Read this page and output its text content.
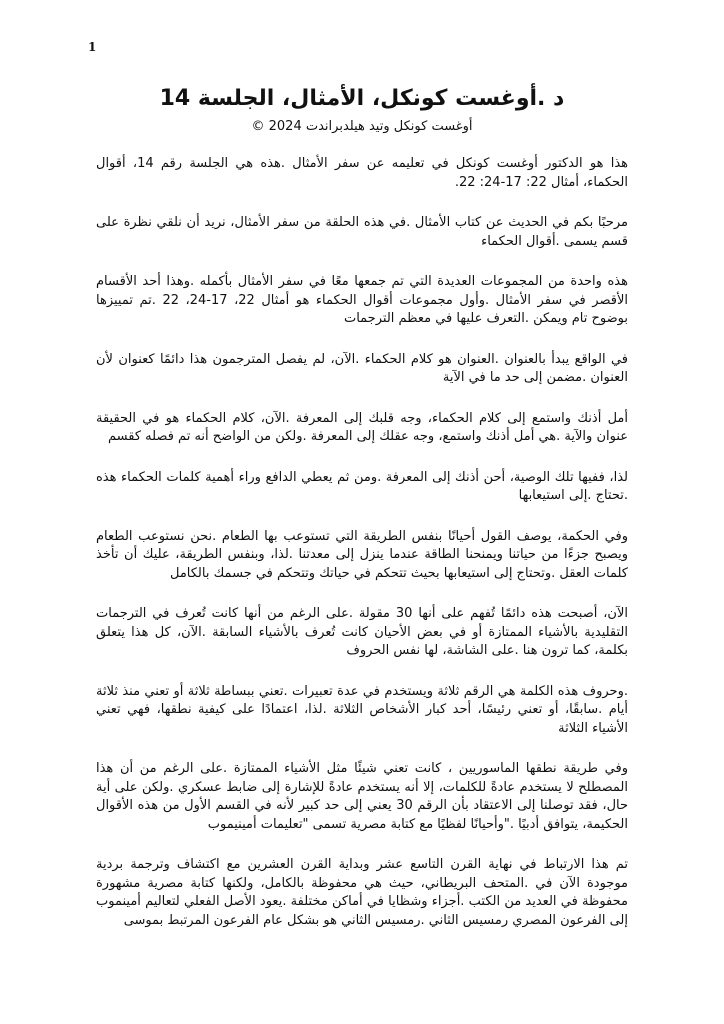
1
د .أوغست كونكل، الأمثال، الجلسة 14
أوغست كونكل وتيد هيلدبراندت 2024 ©

هذا هو الدكتور أوغست كونكل في تعليمه عن سفر الأمثال .هذه هي الجلسة رقم 14، أقوال الحكماء، أمثال 22: 17-24: 22.

مرحبًا بكم في الحديث عن كتاب الأمثال .في هذه الحلقة من سفر الأمثال، نريد أن نلقي نظرة على قسم يسمى .أقوال الحكماء

هذه واحدة من المجموعات العديدة التي تم جمعها معًا في سفر الأمثال بأكمله .وهذا أحد الأقسام الأقصر في سفر الأمثال .وأول مجموعات أقوال الحكماء هو أمثال 22، 17-24، 22 .تم تمييزها بوضوح تام ويمكن .التعرف عليها في معظم الترجمات

في الواقع يبدأ بالعنوان .العنوان هو كلام الحكماء .الآن، لم يفصل المترجمون هذا دائمًا كعنوان لأن العنوان .مضمن إلى حد ما في الآية

أمل أذنك واستمع إلى كلام الحكماء، وجه قلبك إلى المعرفة .الآن، كلام الحكماء هو في الحقيقة عنوان والآية .هي أمل أذنك واستمع، وجه عقلك إلى المعرفة .ولكن من الواضح أنه تم فصله كقسم

لذا، ففيها تلك الوصية، أحن أذنك إلى المعرفة .ومن ثم يعطي الدافع وراء أهمية كلمات الحكماء هذه .تحتاج .إلى استيعابها

وفي الحكمة، يوصف القول أحيانًا بنفس الطريقة التي تستوعب بها الطعام .نحن نستوعب الطعام ويصبح جزءًا من حياتنا ويمنحنا الطاقة عندما ينزل إلى معدتنا .لذا، وبنفس الطريقة، عليك أن تأخذ كلمات العقل .وتحتاج إلى استيعابها بحيث تتحكم في حياتك وتتحكم في جسمك بالكامل

الآن، أصبحت هذه دائمًا تُفهم على أنها 30 مقولة .على الرغم من أنها كانت تُعرف في الترجمات التقليدية بالأشياء الممتازة أو في بعض الأحيان كانت تُعرف بالأشياء السابقة .الآن، كل هذا يتعلق بكلمة، كما ترون هنا .على الشاشة، لها نفس الحروف

.وحروف هذه الكلمة هي الرقم ثلاثة ويستخدم في عدة تعبيرات .تعني ببساطة ثلاثة أو تعني منذ ثلاثة أيام .سابقًا، أو تعني رئيسًا، أحد كبار الأشخاص الثلاثة .لذا، اعتمادًا على كيفية نطقها، فهي تعني الأشياء الثلاثة

وفي طريقة نطقها الماسوريين ، كانت تعني شيئًا مثل الأشياء الممتازة .على الرغم من أن هذا المصطلح لا يستخدم عادةً للكلمات، إلا أنه يستخدم عادةً للإشارة إلى ضابط عسكري .ولكن على أية حال، فقد توصلنا إلى الاعتقاد بأن الرقم 30 يعني إلى حد كبير لأنه في القسم الأول من هذه الأقوال الحكيمة، يتوافق أدبيًا ."وأحيانًا لفظيًا مع كتابة مصرية تسمى "تعليمات أمينيموب

تم هذا الارتباط في نهاية القرن التاسع عشر وبداية القرن العشرين مع اكتشاف وترجمة بردية موجودة الآن في .المتحف البريطاني، حيث هي محفوظة بالكامل، ولكنها كتابة مصرية مشهورة محفوظة في العديد من الكتب .أجزاء وشظايا في أماكن مختلفة .يعود الأصل الفعلي لتعاليم أمينموب إلى الفرعون المصري رمسيس الثاني .رمسيس الثاني هو بشكل عام الفرعون المرتبط بموسى
